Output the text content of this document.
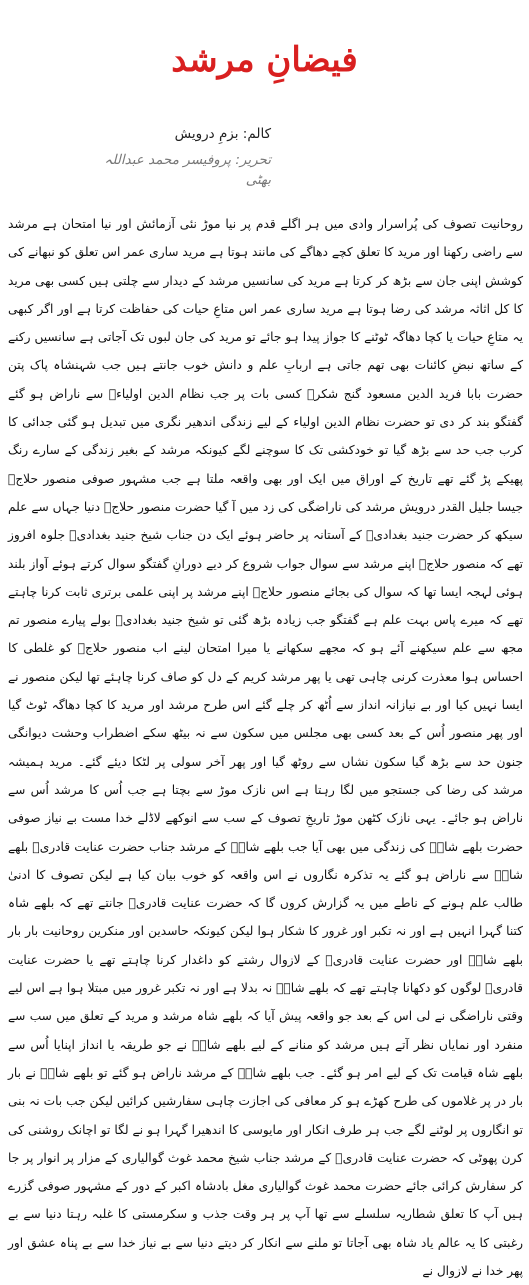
فیضانِ مرشد
کالم: بزمِ درویش
تحریر: پروفیسر محمد عبداللہ بھٹی

روحانیت تصوف کی پُراسرار وادی میں ہر اگلے قدم پر نیا موڑ نئی آزمائش اور نیا امتحان ہے مرشد سے راضی رکھنا اور مرید کا تعلق کچے دھاگے کی مانند ہوتا ہے مرید ساری عمر اس تعلق کو نبھانے کی کوشش اپنی جان سے بڑھ کر کرتا ہے مرید کی سانسیں مرشد کے دیدار سے چلتی ہیں کسی بھی مرید کا کل اثاثہ مرشد کی رضا ہوتا ہے مرید ساری عمر اس متاعِ حیات کی حفاظت کرتا ہے اور اگر کبھی یہ متاعِ حیات یا کچا دھاگہ ٹوٹنے کا جواز پیدا ہو جائے تو مرید کی جان لبوں تک آجاتی ہے سانسیں رکنے کے ساتھ نبضِ کائنات بھی تھم جاتی ہے اربابِ علم و دانش خوب جانتے ہیں جب شہنشاہ پاک پتن حضرت بابا فرید الدین مسعود گنج شکرؒ کسی بات پر جب نظام الدین اولیاءؒ سے ناراض ہو گئے گفتگو بند کر دی تو حضرت نظام الدین اولیاء کے لیے زندگی اندھیر نگری میں تبدیل ہو گئی جدائی کا کرب جب حد سے بڑھ گیا تو خودکشی تک کا سوچنے لگے کیونکہ مرشد کے بغیر زندگی کے سارے رنگ پھیکے پڑ گئے تھے تاریخ کے اوراق میں ایک اور بھی واقعہ ملتا ہے جب مشہور صوفی منصور حلاجؒ جیسا جلیل القدر درویش مرشد کی ناراضگی کی زد میں آ گیا حضرت منصور حلاجؒ دنیا جہاں سے علم سیکھ کر حضرت جنید بغدادیؒ کے آستانہ پر حاضر ہوئے ایک دن جناب شیخ جنید بغدادیؒ جلوہ افروز تھے کہ منصور حلاجؒ اپنے مرشد سے سوال جواب شروع کر دیے دورانِ گفتگو سوال کرتے ہوئے آواز بلند ہوئی لہجہ ایسا تھا کہ سوال کی بجائے منصور حلاجؒ اپنے مرشد پر اپنی علمی برتری ثابت کرنا چاہتے تھے کہ میرے پاس بہت علم ہے گفتگو جب زیادہ بڑھ گئی تو شیخ جنید بغدادیؒ بولے پیارے منصور تم مجھ سے علم سیکھنے آئے ہو کہ مجھے سکھانے یا میرا امتحان لینے اب منصور حلاجؒ کو غلطی کا احساس ہوا معذرت کرنی چاہی تھی یا پھر مرشد کریم کے دل کو صاف کرنا چاہئے تھا لیکن منصور نے ایسا نہیں کیا اور بے نیازانہ انداز سے اُٹھ کر چلے گئے اس طرح مرشد اور مرید کا کچا دھاگہ ٹوٹ گیا اور پھر منصور اُس کے بعد کسی بھی مجلس میں سکون سے نہ بیٹھ سکے اضطراب وحشت دیوانگی جنون حد سے بڑھ گیا سکون نشاں سے روٹھ گیا اور پھر آخر سولی پر لٹکا دیئے گئے۔ مرید ہمیشہ مرشد کی رضا کی جستجو میں لگا رہتا ہے اس نازک موڑ سے بچتا ہے جب اُس کا مرشد اُس سے ناراض ہو جائے۔ یہی نازک کٹھن موڑ تاریخِ تصوف کے سب سے انوکھے لاڈلے خدا مست بے نیاز صوفی حضرت بلھے شاہؒ کی زندگی میں بھی آیا جب بلھے شاہؒ کے مرشد جناب حضرت عنایت قادریؒ بلھے شاہؒ سے ناراض ہو گئے یہ تذکرہ نگاروں نے اس واقعہ کو خوب بیان کیا ہے لیکن تصوف کا ادنیٰ طالب علم ہونے کے ناطے میں یہ گزارش کروں گا کہ حضرت عنایت قادریؒ جانتے تھے کہ بلھے شاہ کتنا گہرا انہیں ہے اور نہ تکبر اور غرور کا شکار ہوا لیکن کیونکہ حاسدین اور منکرین روحانیت بار بار بلھے شاہؒ اور حضرت عنایت قادریؒ کے لازوال رشتے کو داغدار کرنا چاہتے تھے یا حضرت عنایت قادریؒ لوگوں کو دکھانا چاہتے تھے کہ بلھے شاہؒ نہ بدلا ہے اور نہ تکبر غرور میں مبتلا ہوا ہے اس لیے وقتی ناراضگی نے لی اس کے بعد جو واقعہ پیش آیا کہ بلھے شاہ مرشد و مرید کے تعلق میں سب سے منفرد اور نمایاں نظر آتے ہیں مرشد کو منانے کے لیے بلھے شاہؒ نے جو طریقہ یا انداز اپنایا اُس سے بلھے شاہ قیامت تک کے لیے امر ہو گئے۔ جب بلھے شاہؒ کے مرشد ناراض ہو گئے تو بلھے شاہؒ نے بار بار در پر غلاموں کی طرح کھڑے ہو کر معافی کی اجازت چاہی سفارشیں کرائیں لیکن جب بات نہ بنی تو انگاروں پر لوٹنے لگے جب ہر طرف انکار اور مایوسی کا اندھیرا گہرا ہو نے لگا تو اچانک روشنی کی کرن پھوٹی کہ حضرت عنایت قادریؒ کے مرشد جناب شیخ محمد غوث گوالیاری کے مزار پر انوار پر جا کر سفارش کرائی جائے حضرت محمد غوث گوالیاری مغل بادشاہ اکبر کے دور کے مشہور صوفی گزرے ہیں آپ کا تعلق شطاریہ سلسلے سے تھا آپ پر ہر وقت جذب و سکرمستی کا غلبہ رہتا دنیا سے بے رغبتی کا یہ عالم یاد شاہ بھی آجاتا تو ملنے سے انکار کر دیتے دنیا سے بے نیاز خدا سے بے پناہ عشق اور پھر خدا نے لازوال نے
